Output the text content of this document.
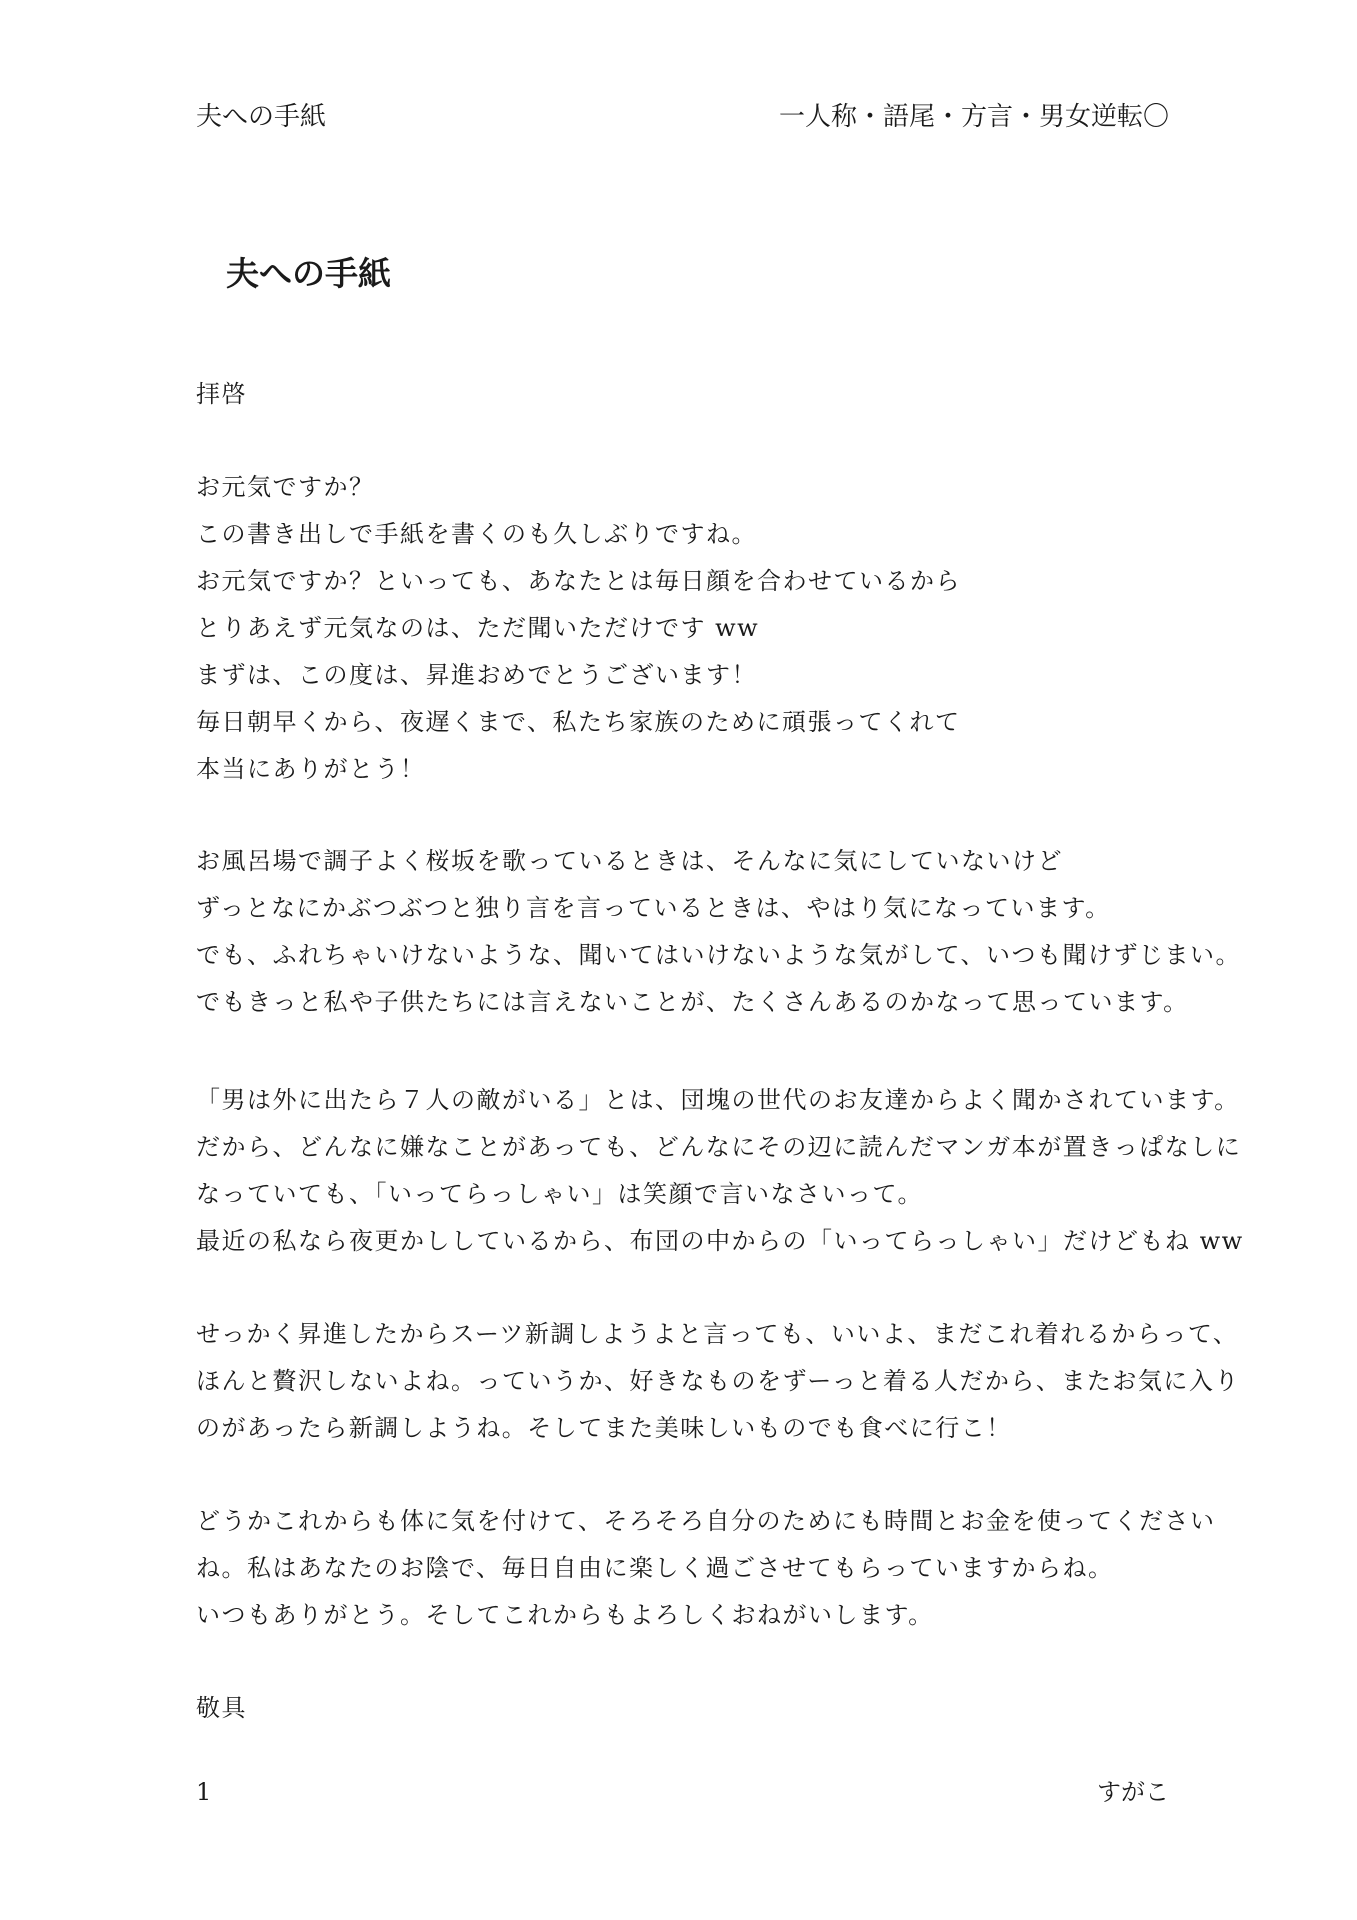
夫への手紙	一人称・語尾・方言・男女逆転〇
夫への手紙
拝啓
お元気ですか？
この書き出しで手紙を書くのも久しぶりですね。
お元気ですか？といっても、あなたとは毎日顔を合わせているから
とりあえず元気なのは、ただ聞いただけです ww
まずは、この度は、昇進おめでとうございます！
毎日朝早くから、夜遅くまで、私たち家族のために頑張ってくれて
本当にありがとう！
お風呂場で調子よく桜坂を歌っているときは、そんなに気にしていないけど
ずっとなにかぶつぶつと独り言を言っているときは、やはり気になっています。
でも、ふれちゃいけないような、聞いてはいけないような気がして、いつも聞けずじまい。
でもきっと私や子供たちには言えないことが、たくさんあるのかなって思っています。
「男は外に出たら７人の敵がいる」とは、団塊の世代のお友達からよく聞かされています。
だから、どんなに嫌なことがあっても、どんなにその辺に読んだマンガ本が置きっぱなしに
なっていても、「いってらっしゃい」は笑顔で言いなさいって。
最近の私なら夜更かししているから、布団の中からの「いってらっしゃい」だけどもね ww
せっかく昇進したからスーツ新調しようよと言っても、いいよ、まだこれ着れるからって、
ほんと贅沢しないよね。っていうか、好きなものをずーっと着る人だから、またお気に入り
のがあったら新調しようね。そしてまた美味しいものでも食べに行こ！
どうかこれからも体に気を付けて、そろそろ自分のためにも時間とお金を使ってください
ね。私はあなたのお陰で、毎日自由に楽しく過ごさせてもらっていますからね。
いつもありがとう。そしてこれからもよろしくおねがいします。
敬具
1	すがこ
